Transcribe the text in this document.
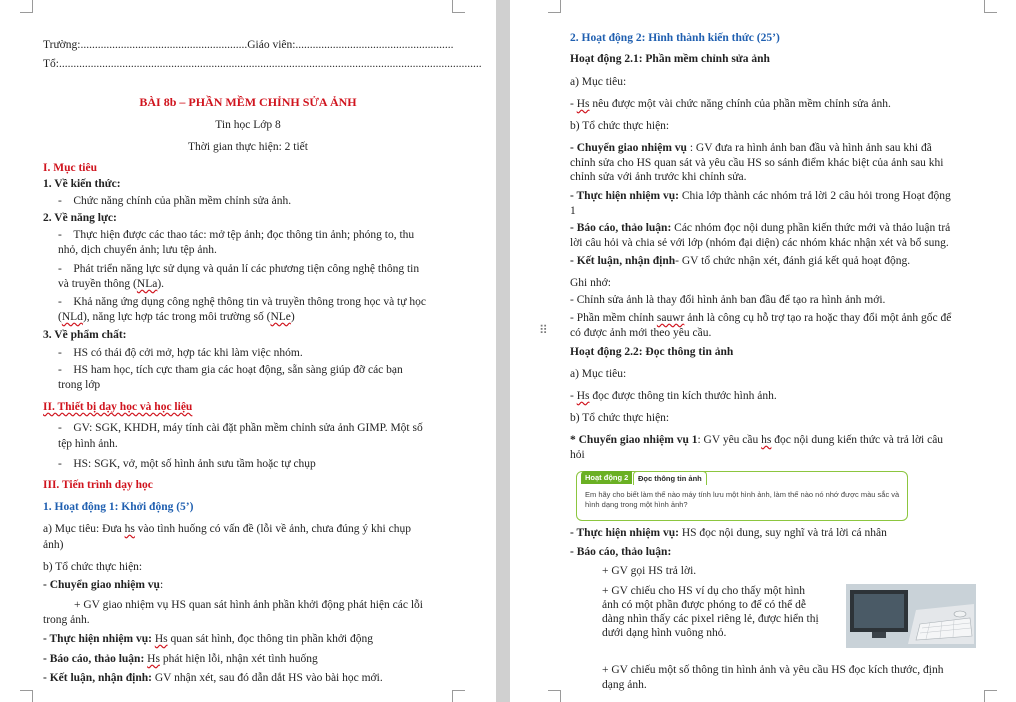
Trường:..........................................................Giáo viên:.......................................................
Tổ:...................................................................................................................................................
BÀI 8b – PHẦN MỀM CHỈNH SỬA ẢNH
Tin học Lớp 8
Thời gian thực hiện: 2 tiết
I. Mục tiêu
1. Về kiến thức:
-    Chức năng chính của phần mềm chỉnh sửa ảnh.
2. Về năng lực:
-    Thực hiện được các thao tác: mở tệp ảnh; đọc thông tin ảnh; phóng to, thu
nhỏ, dịch chuyển ảnh; lưu tệp ảnh.
-    Phát triển năng lực sử dụng và quản lí các phương tiện công nghệ thông tin
và truyền thông (NLa).
-    Khả năng ứng dụng công nghệ thông tin và truyền thông trong học và tự học
(NLd), năng lực hợp tác trong môi trường số (NLe)
3. Về phẩm chất:
-    HS có thái độ cởi mở, hợp tác khi làm việc nhóm.
-    HS ham học, tích cực tham gia các hoạt động, sẵn sàng giúp đỡ các bạn
trong lớp
II. Thiết bị dạy học và học liệu
-    GV: SGK, KHDH, máy tính cài đặt phần mềm chỉnh sửa ảnh GIMP. Một số
tệp hình ảnh.
-    HS: SGK, vở, một số hình ảnh sưu tầm hoặc tự chụp
III. Tiến trình dạy học
1. Hoạt động 1: Khởi động (5’)
a) Mục tiêu: Đưa hs vào tình huống có vấn đề (lỗi về ảnh, chưa đúng ý khi chụp
ảnh)
b) Tổ chức thực hiện:
- Chuyển giao nhiệm vụ:
+ GV giao nhiệm vụ HS quan sát hình ảnh phần khởi động phát hiện các lỗi
trong ảnh.
- Thực hiện nhiệm vụ: Hs quan sát hình, đọc thông tin phần khởi động
- Báo cáo, thảo luận: Hs phát hiện lỗi, nhận xét tình huống
- Kết luận, nhận định: GV nhận xét, sau đó dẫn dắt HS vào bài học mới.
⠿
2. Hoạt động 2: Hình thành kiến thức (25’)
Hoạt động 2.1: Phần mềm chỉnh sửa ảnh
a) Mục tiêu:
- Hs nêu được một vài chức năng chính của phần mềm chỉnh sửa ảnh.
b) Tổ chức thực hiện:
- Chuyển giao nhiệm vụ : GV đưa ra hình ảnh ban đầu và hình ảnh sau khi đã
chỉnh sửa cho HS quan sát và yêu cầu HS so sánh điểm khác biệt của ảnh sau khi
chỉnh sửa với ảnh trước khi chỉnh sửa.
- Thực hiện nhiệm vụ: Chia lớp thành các nhóm trả lời 2 câu hỏi trong Hoạt động
1
- Báo cáo, thảo luận: Các nhóm đọc nội dung phần kiến thức mới và thảo luận trả
lời câu hỏi và chia sẻ với lớp (nhóm đại diện) các nhóm khác nhận xét và bổ sung.
- Kết luận, nhận định- GV tổ chức nhận xét, đánh giá kết quả hoạt động.
Ghi nhớ:
- Chỉnh sửa ảnh là thay đổi hình ảnh ban đầu để tạo ra hình ảnh mới.
- Phần mềm chỉnh sauwr ảnh là công cụ hỗ trợ tạo ra hoặc thay đổi một ảnh gốc để
có được ảnh mới theo yêu cầu.
Hoạt động 2.2: Đọc thông tin ảnh
a) Mục tiêu:
- Hs đọc được thông tin kích thước hình ảnh.
b) Tổ chức thực hiện:
* Chuyển giao nhiệm vụ 1: GV yêu cầu hs đọc nội dung kiến thức và trả lời câu
hỏi
Hoạt động 2	Đọc thông tin ảnh
Em hãy cho biết làm thế nào máy tính lưu một hình ảnh, làm thế nào nó nhớ được màu sắc và hình dạng trong một hình ảnh?
- Thực hiện nhiệm vụ: HS đọc nội dung, suy nghĩ và trả lời cá nhân
- Báo cáo, thảo luận:
+ GV gọi HS trả lời.
+ GV chiếu cho HS ví dụ cho thấy một hình
ảnh có một phần được phóng to để có thể dễ
dàng nhìn thấy các pixel riêng lẻ, được hiển thị
dưới dạng hình vuông nhỏ.
+ GV chiếu một số thông tin hình ảnh và yêu cầu HS đọc kích thước, định
dạng ảnh.
